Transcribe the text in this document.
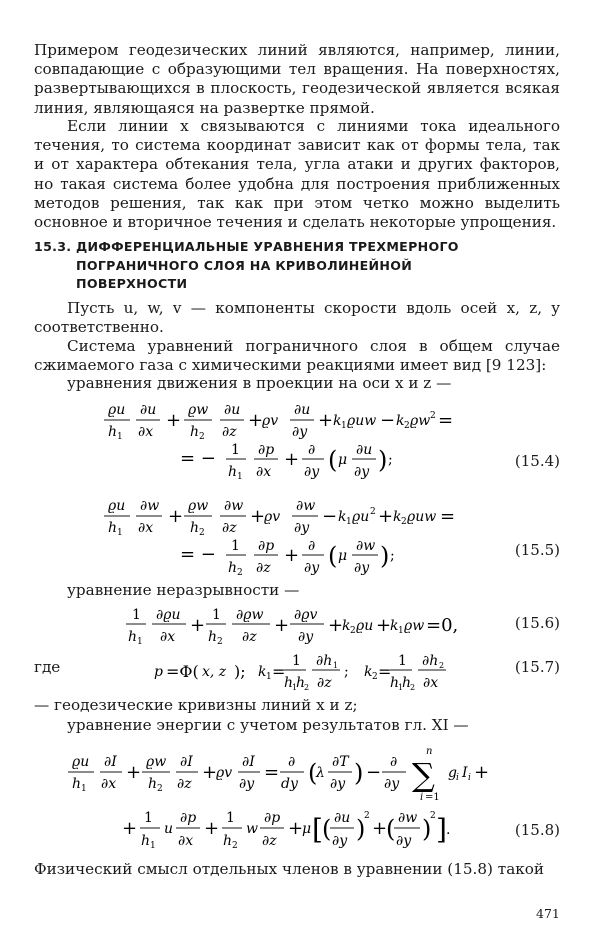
Примером геодезических линий являются, например, линии, совпадающие с образующими тел вращения. На поверхностях, развертывающихся в плоскость, геодезической является всякая линия, являющаяся на развертке прямой.

Если линии x связываются с линиями тока идеального течения, то система координат зависит как от формы тела, так и от характера обтекания тела, угла атаки и других факторов, но такая система более удобна для построения приближенных методов решения, так как при этом четко можно выделить основное и вторичное течения и сделать некоторые упрощения.

15.3. ДИФФЕРЕНЦИАЛЬНЫЕ УРАВНЕНИЯ ТРЕХМЕРНОГО
ПОГРАНИЧНОГО СЛОЯ НА КРИВОЛИНЕЙНОЙ
ПОВЕРХНОСТИ

Пусть u, w, v — компоненты скорости вдоль осей x, z, y соответственно.

Система уравнений пограничного слоя в общем случае сжимаемого газа с химическими реакциями имеет вид [9 123]:

уравнения движения в проекции на оси x и z —

ϱu
h 1
∂u
∂x
+ ϱw
h 2
∂u
∂z
+
ϱv
∂u
∂y
+ k 1 ϱuw − k 2 ϱw 2 =
= − 1
h 1
∂p
∂x
+ ∂
∂y ( μ
∂u
∂y ) ;	(15.4)
ϱu
h 1
∂w
∂x
+ ϱw
h 2
∂w
∂z
+
ϱv
∂w
∂y
− k 1 ϱu 2 + k 2 ϱuw =
= − 1
h 2
∂p
∂z
+ ∂
∂y ( μ
∂w
∂y ) ;	(15.5)

уравнение неразрывности —

1
h 1
∂ϱu
∂x
+ 1
h 2
∂ϱw
∂z
+ ∂ϱv
∂y
+
k 2 ϱu +
k 1 ϱw =0,	(15.6)

где	p =Φ( x, z ); k 1 =
1
h
1
h
2
∂h 1
∂z
; k 2 =
1
h
1
h
2
∂h 2
∂x
(15.7)

— геодезические кривизны линий x и z;

уравнение энергии с учетом результатов гл. XI —

ϱu
h 1
∂I
∂x
+ ϱw
h 2
∂I
∂z
+
ϱv
∂I
∂y
= ∂
dy (
λ
∂T
∂y ) − ∂
∂y
n
∑
i =1
g i I i +
+ 1
h 1
u
∂p
∂x
+ 1
h 2
w
∂p
∂z
+
μ [ ( ∂u
∂y )
2
+
( ∂w
∂y )
2 ] .	(15.8)

Физический смысл отдельных членов в уравнении (15.8) такой

471
